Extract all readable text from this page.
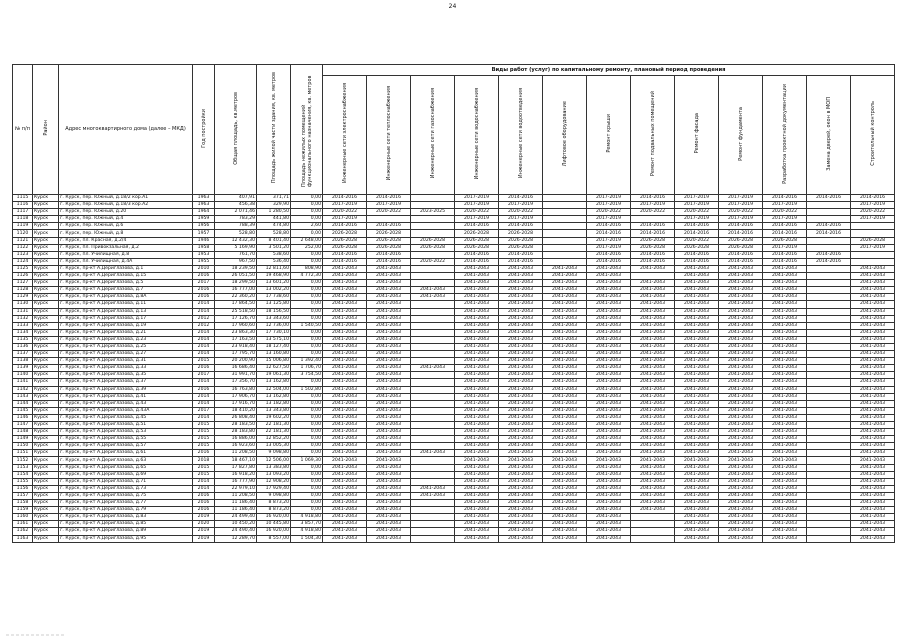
24
№ п/п	Район	Адрес многоквартирного дома (далее – МКД)	Год постройки	Общая площадь, кв.метров	Площадь жилой части здания, кв. метров	Площадь нежилых помещений функционального назначения, кв. метров	Виды работ (услуг) по капитальному ремонту, плановый период проведения												
							Инженерные сети электроснабжения	Инженерные сети теплоснабжения	Инженерные сети газоснабжения	Инженерные сети водоснабжения	Инженерные сети водоотведения	Лифтовое оборудование	Ремонт крыши	Ремонт подвальных помещений	Ремонт фасада	Ремонт фундамента	Разработка проектной документации	Замена дверей, окон в МОП	Строительный контроль
1115	Курск	г. Курск, пер. Южный, д.18/2 кор.А1	1963	407,91	371,71	0,00	2014-2016	2014-2016		2017-2019	2014-2016		2017-2019	2014-2016	2017-2019	2017-2019	2014-2016	2014-2016	2014-2016
1116	Курск	г. Курск, пер. Южный, д.18/3 кор.А2	1963	456,38	329,90	0,00	2017-2019	2017-2019		2017-2019	2017-2019		2017-2019	2017-2019	2017-2019	2017-2019	2017-2019		2017-2019
1117	Курск	г. Курск, пер. Южный, д.20	1964	2 071,46	1 280,50	0,00	2020-2022	2020-2022	2023-2025	2020-2022	2020-2022		2020-2022	2020-2022	2020-2022	2020-2022	2020-2022		2020-2022
1118	Курск	г. Курск, пер. Южный, д.4	1959	783,29	441,80	0,00	2017-2019			2017-2019	2017-2019		2017-2019		2017-2019	2017-2019	2017-2019		2017-2019
1119	Курск	г. Курск, пер. Южный, д.6	1956	788,39	474,80	2,60	2014-2016	2014-2016		2014-2016	2014-2016		2014-2016	2014-2016	2014-2016	2014-2016	2014-2016	2014-2016	
1120	Курск	г. Курск, пер. Южный, д.8	1957	528,80	528,80	0,00	2026-2028	2026-2028		2026-2028	2026-2028		2014-2016	2014-2016	2014-2016	2014-2016	2014-2016	2014-2016	
1121	Курск	г. Курск, пл. Красная, д.2/4	1946	12 432,30	8 401,40	2 648,00	2026-2028	2026-2028	2026-2028	2026-2028	2026-2028		2017-2019	2026-2028	2020-2022	2026-2028	2026-2028		2026-2028
1122	Курск	г. Курск, пл. Привокзальная, д.2	1958	5 169,90	3 501,20	252,00	2026-2028	2026-2028	2026-2028	2026-2028	2026-2028		2017-2019	2026-2028	2026-2028	2026-2028	2017-2019		2017-2019
1123	Курск	г. Курск, пл. Училищная, д.8	1953	761,70	538,60	0,00	2014-2016	2014-2016		2014-2016	2014-2016		2014-2016	2014-2016	2014-2016	2014-2016	2014-2016	2014-2016	
1124	Курск	г. Курск, пл. Училищная, д.4А	1955	967,50	536,40	0,00	2014-2016	2014-2016	2020-2022	2014-2016	2014-2016		2014-2016	2014-2016	2014-2016	2014-2016	2014-2016	2014-2016	
1125	Курск	г. Курск, пр-кт А.Дериглазова, д.1	2010	18 239,50	12 811,60	808,90	2041-2043	2041-2043		2041-2043	2041-2043	2041-2043	2041-2043	2041-2043	2041-2043	2041-2043	2041-2043		2041-2043
1126	Курск	г. Курск, пр-кт А.Дериглазова, д.15	2016	26 051,50	19 468,90	4 772,30	2041-2043	2041-2043		2041-2043	2041-2043	2041-2043	2041-2043		2041-2043	2041-2043	2041-2043		2041-2043
1127	Курск	г. Курск, пр-кт А.Дериглазова, д.5	2017	18 299,50	13 601,20	0,00	2041-2043	2041-2043		2041-2043	2041-2043	2041-2043	2041-2043	2041-2043	2041-2043	2041-2043	2041-2043		2041-2043
1128	Курск	г. Курск, пр-кт А.Дериглазова, д.7	2016	16 777,00	13 002,20	0,00	2041-2043	2041-2043	2041-2043	2041-2043	2041-2043	2041-2043	2041-2043	2041-2043	2041-2043	2041-2043	2041-2043		2041-2043
1129	Курск	г. Курск, пр-кт А.Дериглазова, д.8А	2016	22 360,20	17 738,60	0,00	2041-2043	2041-2043	2041-2043	2041-2043	2041-2043	2041-2043	2041-2043	2041-2043	2041-2043	2041-2043	2041-2043		2041-2043
1130	Курск	г. Курск, пр-кт А.Дериглазова, д.11	2014	17 864,50	13 125,80	0,00	2041-2043	2041-2043		2041-2043	2041-2043	2041-2043	2041-2043	2041-2043	2041-2043	2041-2043	2041-2043		2041-2043
1131	Курск	г. Курск, пр-кт А.Дериглазова, д.13	2014	25 518,50	18 156,50	0,00	2041-2043	2041-2043		2041-2043	2041-2043	2041-2043	2041-2043	2041-2043	2041-2043	2041-2043	2041-2043		2041-2043
1132	Курск	г. Курск, пр-кт А.Дериглазова, д.17	2012	17 126,70	13 343,60	0,00	2041-2043	2041-2043		2041-2043	2041-2043	2041-2043	2041-2043	2041-2043	2041-2043	2041-2043	2041-2043		2041-2043
1133	Курск	г. Курск, пр-кт А.Дериглазова, д.19	2012	17 960,60	12 736,00	1 540,50	2041-2043	2041-2043		2041-2043	2041-2043	2041-2043	2041-2043	2041-2043	2041-2043	2041-2043	2041-2043		2041-2043
1134	Курск	г. Курск, пр-кт А.Дериглазова, д.21	2014	23 863,30	17 730,10	0,00	2041-2043	2041-2043		2041-2043	2041-2043	2041-2043	2041-2043	2041-2043	2041-2043	2041-2043	2041-2043		2041-2043
1135	Курск	г. Курск, пр-кт А.Дериглазова, д.23	2014	17 163,50	13 575,10	0,00	2041-2043	2041-2043		2041-2043	2041-2043	2041-2043	2041-2043	2041-2043	2041-2043	2041-2043	2041-2043		2041-2043
1136	Курск	г. Курск, пр-кт А.Дериглазова, д.25	2014	23 918,40	18 127,40	0,00	2041-2043	2041-2043		2041-2043	2041-2043	2041-2043	2041-2043	2041-2043	2041-2043	2041-2043	2041-2043		2041-2043
1137	Курск	г. Курск, пр-кт А.Дериглазова, д.27	2014	17 795,70	13 160,80	0,00	2041-2043	2041-2043		2041-2043	2041-2043	2041-2043	2041-2043	2041-2043	2041-2043	2041-2043	2041-2043		2041-2043
1138	Курск	г. Курск, пр-кт А.Дериглазова, д.31	2015	20 200,90	15 006,80	1 392,40	2041-2043	2041-2043		2041-2043	2041-2043	2041-2043	2041-2043	2041-2043	2041-2043	2041-2043	2041-2043		2041-2043
1139	Курск	г. Курск, пр-кт А.Дериглазова, д.33	2016	16 686,40	12 627,50	1 706,70	2041-2043	2041-2043	2041-2043	2041-2043	2041-2043	2041-2043	2041-2043	2041-2043	2041-2043	2041-2043	2041-2043		2041-2043
1140	Курск	г. Курск, пр-кт А.Дериглазова, д.35	2017	31 991,70	19 061,30	3 754,50	2041-2043	2041-2043		2041-2043	2041-2043	2041-2043	2041-2043	2041-2043	2041-2043	2041-2043	2041-2043		2041-2043
1141	Курск	г. Курск, пр-кт А.Дериглазова, д.37	2014	17 356,70	13 162,80	0,00	2041-2043	2041-2043		2041-2043	2041-2043	2041-2043	2041-2043	2041-2043	2041-2043	2041-2043	2041-2043		2041-2043
1142	Курск	г. Курск, пр-кт А.Дериглазова, д.39	2016	16 763,80	12 504,00	1 502,80	2041-2043	2041-2043		2041-2043	2041-2043	2041-2043	2041-2043	2041-2043	2041-2043	2041-2043	2041-2043		2041-2043
1143	Курск	г. Курск, пр-кт А.Дериглазова, д.41	2014	17 906,70	13 162,80	0,00	2041-2043	2041-2043		2041-2043	2041-2043	2041-2043	2041-2043	2041-2043	2041-2043	2041-2043	2041-2043		2041-2043
1144	Курск	г. Курск, пр-кт А.Дериглазова, д.43	2014	17 916,70	13 182,80	0,00	2041-2043	2041-2043		2041-2043	2041-2043	2041-2043	2041-2043	2041-2043	2041-2043	2041-2043	2041-2043		2041-2043
1145	Курск	г. Курск, пр-кт А.Дериглазова, д.43А	2017	18 410,20	13 343,80	0,00	2041-2043	2041-2043		2041-2043	2041-2043	2041-2043	2041-2043	2041-2043	2041-2043	2041-2043	2041-2043		2041-2043
1146	Курск	г. Курск, пр-кт А.Дериглазова, д.45	2014	26 808,40	19 602,20	0,00	2041-2043	2041-2043		2041-2043	2041-2043	2041-2043	2041-2043	2041-2043	2041-2043	2041-2043	2041-2043		2041-2043
1147	Курск	г. Курск, пр-кт А.Дериглазова, д.51	2015	28 183,50	22 181,30	0,00	2041-2043	2041-2043		2041-2043	2041-2043	2041-2043	2041-2043	2041-2043	2041-2043	2041-2043	2041-2043		2041-2043
1148	Курск	г. Курск, пр-кт А.Дериглазова, д.53	2015	28 183,80	22 181,30	0,00	2041-2043	2041-2043		2041-2043	2041-2043	2041-2043	2041-2043	2041-2043	2041-2043	2041-2043	2041-2043		2041-2043
1149	Курск	г. Курск, пр-кт А.Дериглазова, д.55	2015	16 886,00	12 852,20	0,00	2041-2043	2041-2043		2041-2043	2041-2043	2041-2043	2041-2043	2041-2043	2041-2043	2041-2043	2041-2043		2041-2043
1150	Курск	г. Курск, пр-кт А.Дериглазова, д.57	2015	16 923,60	13 005,30	0,00	2041-2043	2041-2043		2041-2043	2041-2043	2041-2043	2041-2043	2041-2043	2041-2043	2041-2043	2041-2043		2041-2043
1151	Курск	г. Курск, пр-кт А.Дериглазова, д.61	2016	11 208,50	9 098,80	0,00	2041-2043	2041-2043	2041-2043	2041-2043	2041-2043	2041-2043	2041-2043	2041-2043	2041-2043	2041-2043	2041-2043		2041-2043
1152	Курск	г. Курск, пр-кт А.Дериглазова, д.63	2018	18 467,10	12 506,00	1 069,30	2041-2043	2041-2043		2041-2043	2041-2043	2041-2043	2041-2043	2041-2043	2041-2043	2041-2043	2041-2043		2041-2043
1153	Курск	г. Курск, пр-кт А.Дериглазова, д.65	2015	17 827,80	13 383,80	0,00	2041-2043	2041-2043		2041-2043	2041-2043	2041-2043	2041-2043	2041-2043	2041-2043	2041-2043	2041-2043		2041-2043
1154	Курск	г. Курск, пр-кт А.Дериглазова, д.69	2015	16 918,20	13 093,20	0,00	2041-2043	2041-2043		2041-2043	2041-2043	2041-2043	2041-2043	2041-2043	2041-2043	2041-2043	2041-2043		2041-2043
1155	Курск	г. Курск, пр-кт А.Дериглазова, д.71	2014	16 777,90	12 908,20	0,00	2041-2043	2041-2043		2041-2043	2041-2043	2041-2043	2041-2043	2041-2043	2041-2043	2041-2043	2041-2043		2041-2043
1156	Курск	г. Курск, пр-кт А.Дериглазова, д.73	2014	22 979,10	17 929,40	0,00	2041-2043	2041-2043	2041-2043	2041-2043	2041-2043	2041-2043	2041-2043	2041-2043	2041-2043	2041-2043	2041-2043		2041-2043
1157	Курск	г. Курск, пр-кт А.Дериглазова, д.75	2016	11 208,50	9 098,80	0,00	2041-2043	2041-2043	2041-2043	2041-2043	2041-2043	2041-2043	2041-2043	2041-2043	2041-2043	2041-2043	2041-2043		2041-2043
1158	Курск	г. Курск, пр-кт А.Дериглазова, д.77	2016	11 186,40	8 873,20	0,00	2041-2043	2041-2043		2041-2043	2041-2043	2041-2043	2041-2043	2041-2043	2041-2043	2041-2043	2041-2043		2041-2043
1159	Курск	г. Курск, пр-кт А.Дериглазова, д.79	2016	11 186,40	8 873,20	0,00	2041-2043	2041-2043		2041-2043	2041-2043	2041-2043	2041-2043	2041-2043	2041-2043	2041-2043	2041-2043		2041-2043
1160	Курск	г. Курск, пр-кт А.Дериглазова, д.83	2019	24 499,40	16 920,00	4 918,80	2041-2043	2041-2043		2041-2043	2041-2043	2041-2043	2041-2043		2041-2043	2041-2043	2041-2043		2041-2043
1161	Курск	г. Курск, пр-кт А.Дериглазова, д.85	2020	10 450,20	10 445,80	3 857,70	2041-2043	2041-2043		2041-2043	2041-2043	2041-2043	2041-2043		2041-2043	2041-2043	2041-2043		2041-2043
1162	Курск	г. Курск, пр-кт А.Дериглазова, д.89	2019	24 490,40	16 920,00	4 918,80	2041-2043	2041-2043		2041-2043	2041-2043	2041-2043	2041-2043		2041-2043	2041-2043	2041-2043		2041-2043
1163	Курск	г. Курск, пр-кт А.Дериглазова, д.95	2019	12 289,70	8 557,00	1 504,30	2041-2043	2041-2043		2041-2043	2041-2043	2041-2043	2041-2043		2041-2043	2041-2043	2041-2043		2041-2043
